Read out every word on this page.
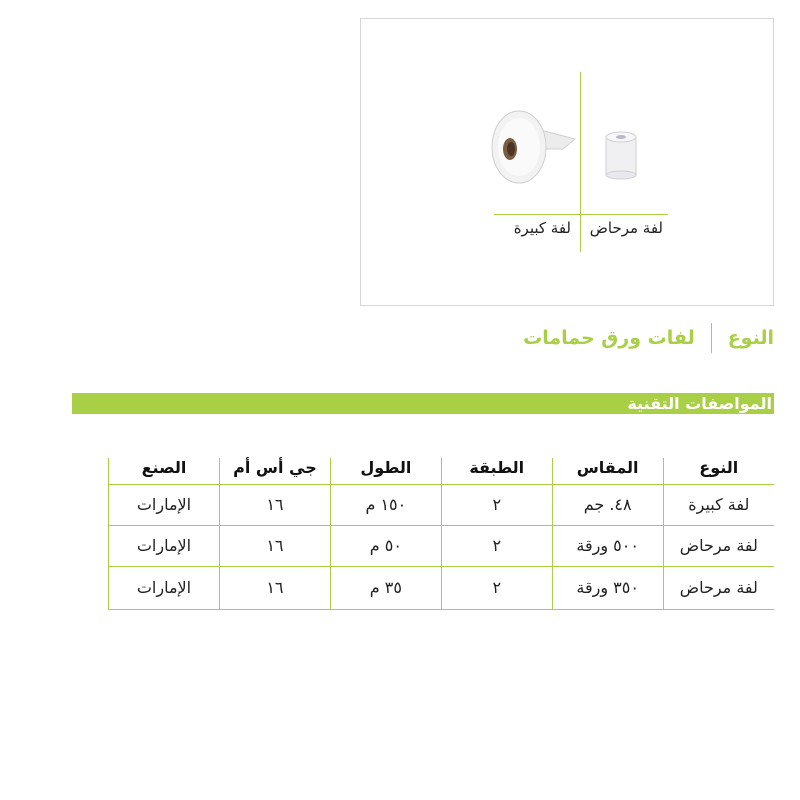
لفة مرحاض
لفة كبيرة
النوع
لفات ورق حمامات
المواصفات التقنية
النوع	المقاس	الطبقة	الطول	جي أس أم	الصنع
لفة كبيرة	٤٨. جم	٢	١٥٠ م	١٦	الإمارات
لفة مرحاض	٥٠٠ ورقة	٢	٥٠ م	١٦	الإمارات
لفة مرحاض	٣٥٠ ورقة	٢	٣٥ م	١٦	الإمارات
